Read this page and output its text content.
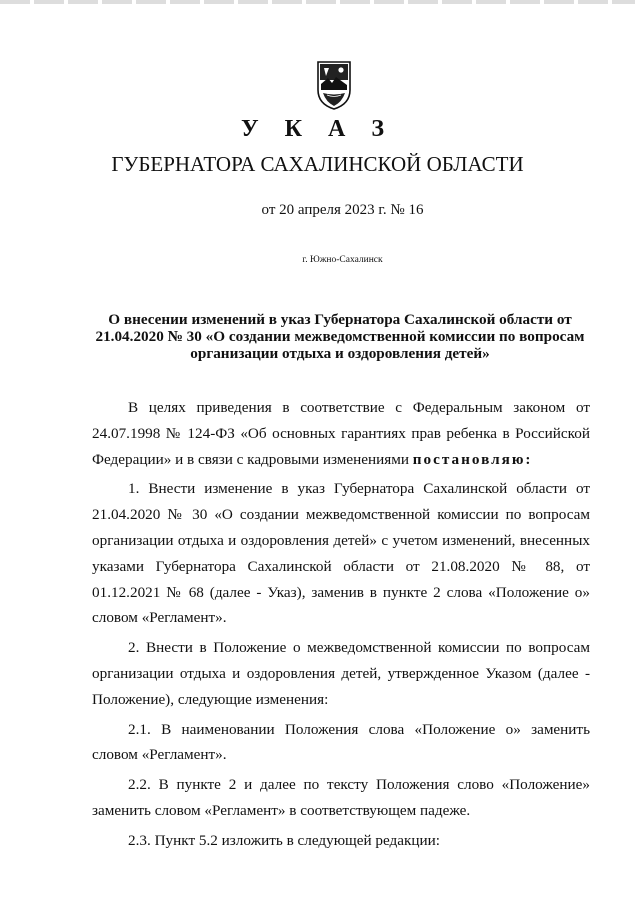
У К А З
ГУБЕРНАТОРА САХАЛИНСКОЙ ОБЛАСТИ
от 20 апреля 2023 г. № 16
г. Южно-Сахалинск
О внесении изменений в указ Губернатора Сахалинской области от 21.04.2020 № 30 «О создании межведомственной комиссии по вопросам организации отдыха и оздоровления детей»

В целях приведения в соответствие с Федеральным законом от 24.07.1998 № 124-ФЗ «Об основных гарантиях прав ребенка в Российской Федерации» и в связи с кадровыми изменениями постановляю:

1. Внести изменение в указ Губернатора Сахалинской области от 21.04.2020 № 30 «О создании межведомственной комиссии по вопросам организации отдыха и оздоровления детей» с учетом изменений, внесенных указами Губернатора Сахалинской области от 21.08.2020 № 88, от 01.12.2021 № 68 (далее - Указ), заменив в пункте 2 слова «Положение о» словом «Регламент».

2. Внести в Положение о межведомственной комиссии по вопросам организации отдыха и оздоровления детей, утвержденное Указом (далее - Положение), следующие изменения:

2.1. В наименовании Положения слова «Положение о» заменить словом «Регламент».

2.2. В пункте 2 и далее по тексту Положения слово «Положение» заменить словом «Регламент» в соответствующем падеже.

2.3. Пункт 5.2 изложить в следующей редакции:
